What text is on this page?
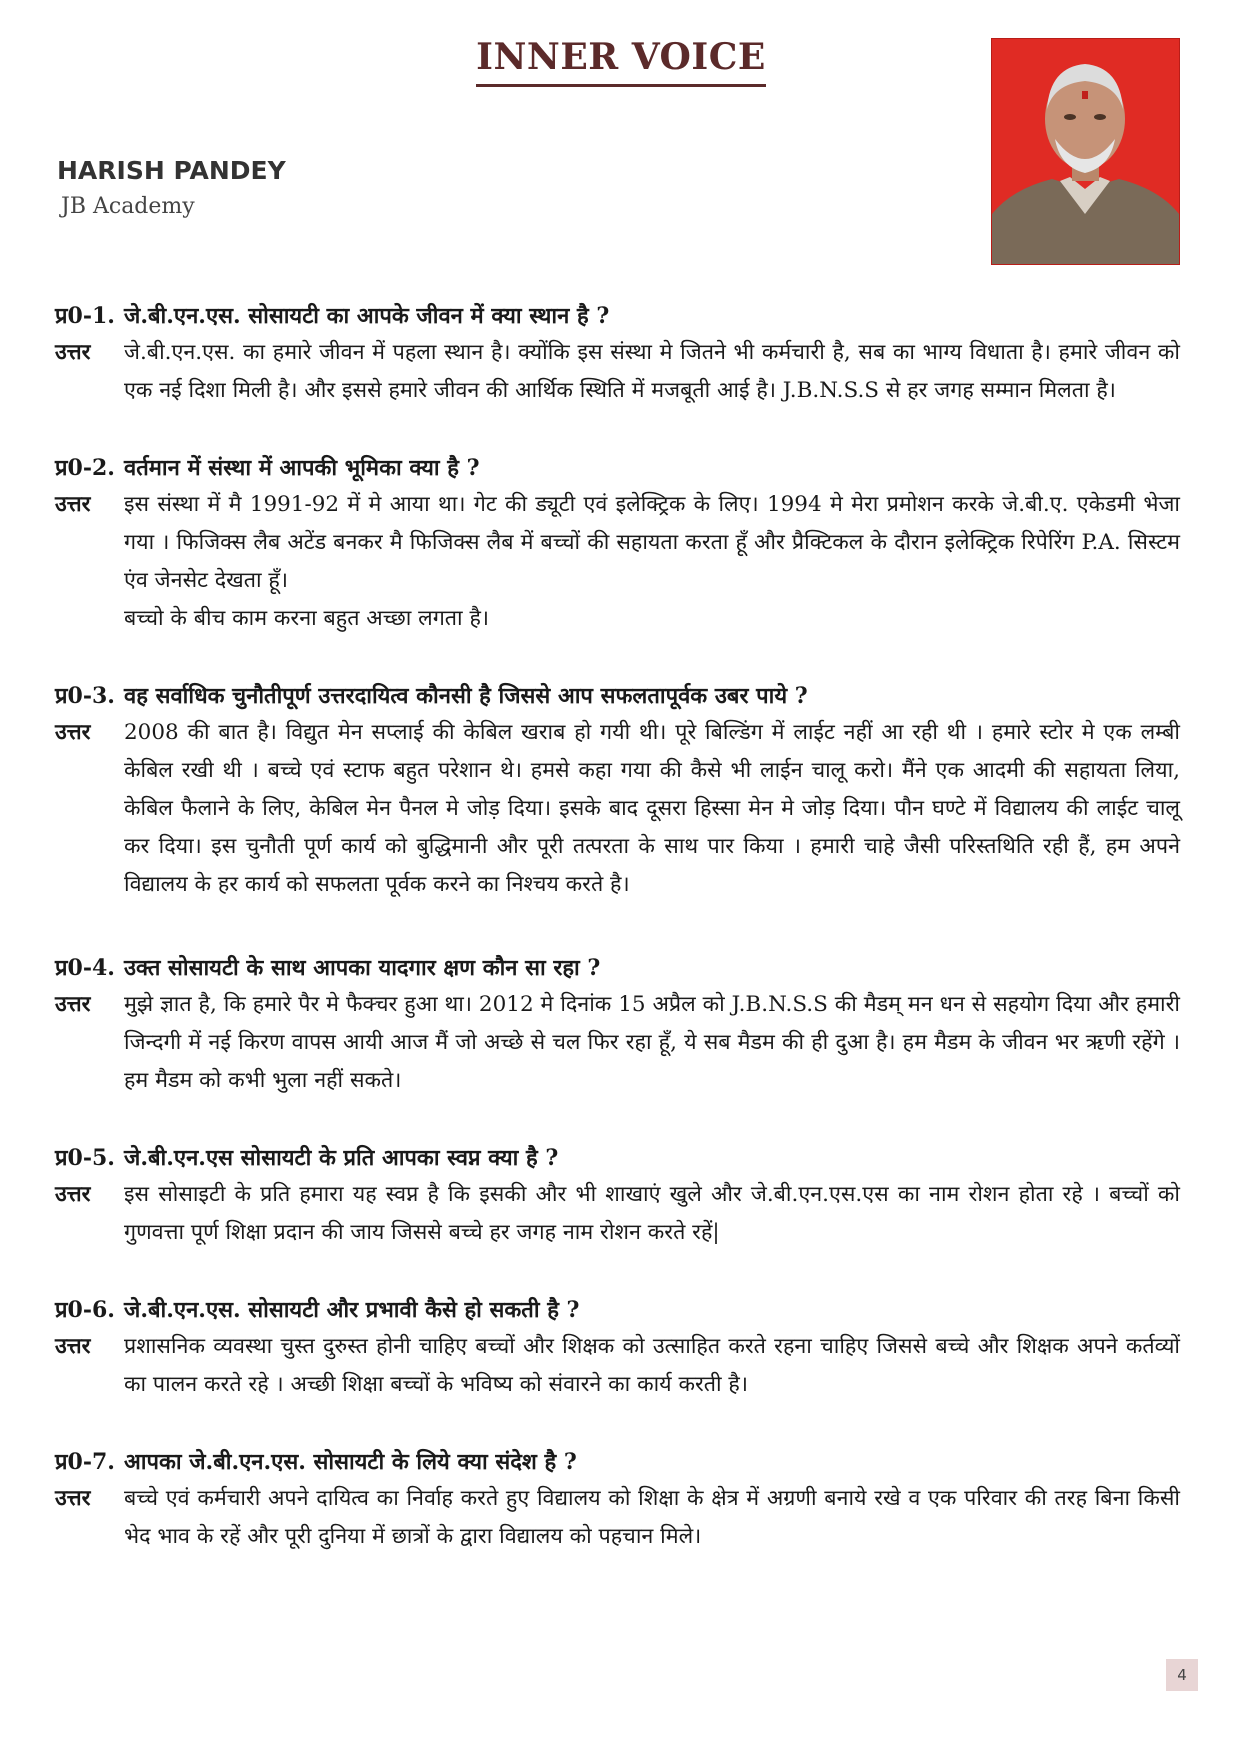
INNER VOICE
HARISH PANDEY
JB Academy
प्र0-1. जे.बी.एन.एस. सोसायटी का आपके जीवन में क्या स्थान है ?
उत्तर	जे.बी.एन.एस. का हमारे जीवन में पहला स्थान है। क्योंकि इस संस्था मे जितने भी कर्मचारी है, सब का भाग्य विधाता है। हमारे जीवन को एक नई दिशा मिली है। और इससे हमारे जीवन की आर्थिक स्थिति में मजबूती आई है। J.B.N.S.S से हर जगह सम्मान मिलता है।
प्र0-2. वर्तमान में संस्था में आपकी भूमिका क्या है ?
उत्तर	इस संस्था में मै 1991-92 में मे आया था। गेट की ड्यूटी एवं इलेक्ट्रिक के लिए। 1994 मे मेरा प्रमोशन करके जे.बी.ए. एकेडमी भेजा गया । फिजिक्स लैब अटेंड बनकर मै फिजिक्स लैब में बच्चों की सहायता करता हूँ और प्रैक्टिकल के दौरान इलेक्ट्रिक रिपेरिंग P.A. सिस्टम एंव जेनसेट देखता हूँ।
बच्चो के बीच काम करना बहुत अच्छा लगता है।
प्र0-3. वह सर्वाधिक चुनौतीपूर्ण उत्तरदायित्व कौनसी है जिससे आप सफलतापूर्वक उबर पाये ?
उत्तर	2008 की बात है। विद्युत मेन सप्लाई की केबिल खराब हो गयी थी। पूरे बिल्डिंग में लाईट नहीं आ रही थी । हमारे स्टोर मे एक लम्बी केबिल रखी थी । बच्चे एवं स्टाफ बहुत परेशान थे। हमसे कहा गया की कैसे भी लाईन चालू करो। मैंने एक आदमी की सहायता लिया, केबिल फैलाने के लिए, केबिल मेन पैनल मे जोड़ दिया। इसके बाद दूसरा हिस्सा मेन मे जोड़ दिया। पौन घण्टे में विद्यालय की लाईट चालू कर दिया। इस चुनौती पूर्ण कार्य को बुद्धिमानी और पूरी तत्परता के साथ पार किया । हमारी चाहे जैसी परिस्तथिति रही हैं, हम अपने विद्यालय के हर कार्य को सफलता पूर्वक करने का निश्चय करते है।
प्र0-4. उक्त सोसायटी के साथ आपका यादगार क्षण कौन सा रहा ?
उत्तर	मुझे ज्ञात है, कि हमारे पैर मे फैक्चर हुआ था। 2012 मे दिनांक 15 अप्रैल को J.B.N.S.S की मैडम् मन धन से सहयोग दिया और हमारी जिन्दगी में नई किरण वापस आयी आज मैं जो अच्छे से चल फिर रहा हूँ, ये सब मैडम की ही दुआ है। हम मैडम के जीवन भर ऋणी रहेंगे । हम मैडम को कभी भुला नहीं सकते।
प्र0-5. जे.बी.एन.एस सोसायटी के प्रति आपका स्वप्न क्या है ?
उत्तर	इस सोसाइटी के प्रति हमारा यह स्वप्न है कि इसकी और भी शाखाएं खुले और जे.बी.एन.एस.एस का नाम रोशन होता रहे । बच्चों को गुणवत्ता पूर्ण शिक्षा प्रदान की जाय जिससे बच्चे हर जगह नाम रोशन करते रहें|
प्र0-6. जे.बी.एन.एस. सोसायटी और प्रभावी कैसे हो सकती है ?
उत्तर	प्रशासनिक व्यवस्था चुस्त दुरुस्त होनी चाहिए बच्चों और शिक्षक को उत्साहित करते रहना चाहिए जिससे बच्चे और शिक्षक अपने कर्तव्यों का पालन करते रहे । अच्छी शिक्षा बच्चों के भविष्य को संवारने का कार्य करती है।
प्र0-7. आपका जे.बी.एन.एस. सोसायटी के लिये क्या संदेश है ?
उत्तर	बच्चे एवं कर्मचारी अपने दायित्व का निर्वाह करते हुए विद्यालय को शिक्षा के क्षेत्र में अग्रणी बनाये रखे व एक परिवार की तरह बिना किसी भेद भाव के रहें और पूरी दुनिया में छात्रों के द्वारा विद्यालय को पहचान मिले।
4
